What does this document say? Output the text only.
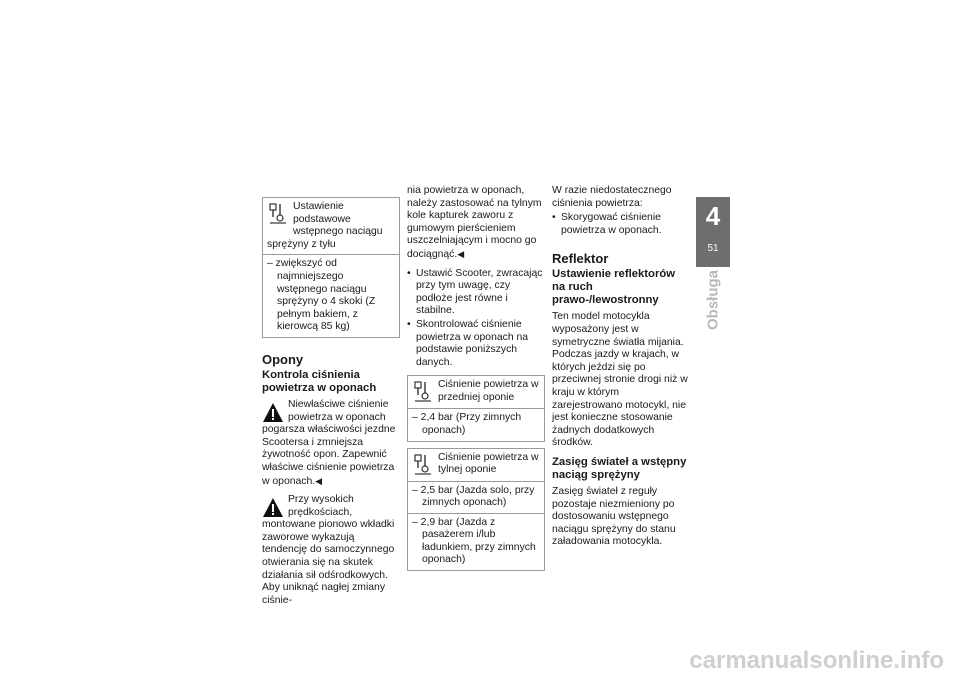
Ustawienie podstawowe wstępnego naciągu sprężyny z tyłu
– zwiększyć od najmniejszego wstępnego naciągu sprężyny o 4 skoki (Z pełnym bakiem, z kierowcą 85 kg)
Opony
Kontrola ciśnienia powietrza w oponach
Niewłaściwe ciśnienie powietrza w oponach pogarsza właściwości jezdne Scootersa i zmniejsza żywotność opon. Zapewnić właściwe ciśnienie powietrza w oponach.◀
Przy wysokich prędkościach, montowane pionowo wkładki zaworowe wykazują tendencję do samoczynnego otwierania się na skutek działania sił odśrodkowych. Aby uniknąć nagłej zmiany ciśnie-
nia powietrza w oponach, należy zastosować na tylnym kole kapturek zaworu z gumowym pierścieniem uszczelniającym i mocno go dociągnąć.◀
• Ustawić Scooter, zwracając przy tym uwagę, czy podłoże jest równe i stabilne.
• Skontrolować ciśnienie powietrza w oponach na podstawie poniższych danych.
Ciśnienie powietrza w przedniej oponie
– 2,4 bar (Przy zimnych oponach)
Ciśnienie powietrza w tylnej oponie
– 2,5 bar (Jazda solo, przy zimnych oponach)
– 2,9 bar (Jazda z pasażerem i/lub ładunkiem, przy zimnych oponach)
W razie niedostatecznego ciśnienia powietrza:
• Skorygować ciśnienie powietrza w oponach.
Reflektor
Ustawienie reflektorów na ruch prawo-/lewostronny
Ten model motocykla wyposażony jest w symetryczne światła mijania. Podczas jazdy w krajach, w których jeździ się po przeciwnej stronie drogi niż w kraju w którym zarejestrowano motocykl, nie jest konieczne stosowanie żadnych dodatkowych środków.
Zasięg świateł a wstępny naciąg sprężyny
Zasięg świateł z reguły pozostaje niezmieniony po dostosowaniu wstępnego naciągu sprężyny do stanu załadowania motocykla.
4
51
Obsługa
carmanualsonline.info
